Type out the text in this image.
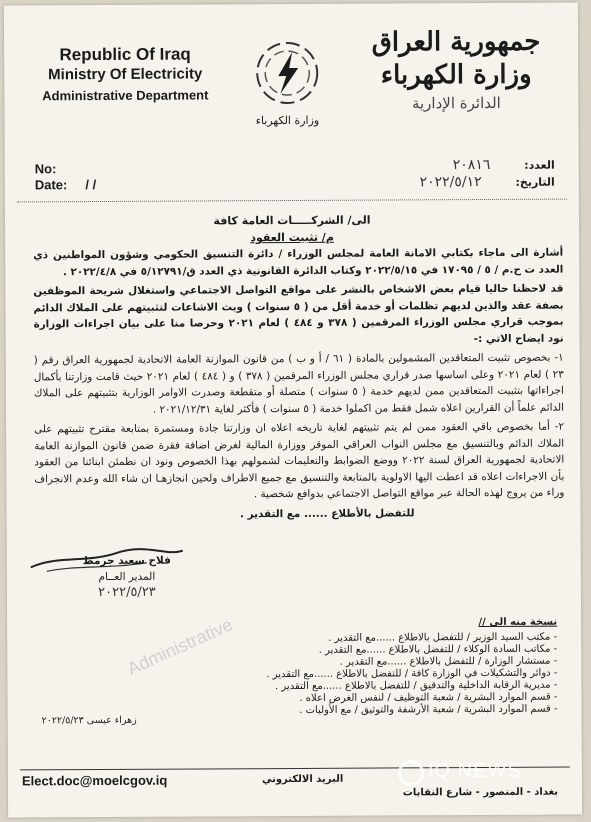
Republic Of Iraq
Ministry Of Electricity
Administrative Department
وزارة الكهرباء
جمهورية العراق
وزارة الكهرباء
الدائرة الإدارية
No:
Date: / /
العدد: ٢٠٨١٦
التاريخ: ٢٠٢٢/٥/١٢
الى/ الشركـــــات العامة كافة
م/ تثبيت العقود
Administrative

أشارة الى ماجاء بكتابي الامانة العامة لمجلس الوزراء / دائرة التنسيق الحكومي وشؤون المواطنين ذي العدد ت ح.م / ٥ / ١٧٠٩٥ في ٢٠٢٢/٥/١٥ وكتاب الدائرة القانونية ذي العدد ق/٥/١٢٧٩١ في ٢٠٢٢/٤/٨ .

قد لاحظنا حاليا قيام بعض الاشخاص بالنشر على مواقع التواصل الاجتماعي واستغلال شريحة الموظفين بصفة عقد والذين لديهم تظلمات أو خدمة أقل من ( ٥ سنوات ) وبث الاشاعات لتثبيتهم على الملاك الدائم بموجب قراري مجلس الوزراء المرقمين ( ٣٧٨ و ٤٨٤ ) لعام ٢٠٢١ وحرصا منا على بيان اجراءات الوزارة نود ايضاح الاتي :-

١- بخصوص تثبيت المتعاقدين المشمولين بالمادة ( ٦١ / أ و ب ) من قانون الموازنة العامة الاتحادية لجمهورية العراق رقم ( ٢٣ ) لعام ٢٠٢١ وعلى اساسها صدر قراري مجلس الوزراء المرقمين ( ٣٧٨ ) و ( ٤٨٤ ) لعام ٢٠٢١ حيث قامت وزارتنا بأكمال اجراءاتها بتثبيت المتعاقدين ممن لديهم خدمة ( ٥ سنوات ) متصلة أو متقطعة وصدرت الاوامر الوزارية بتثبيتهم على الملاك الدائم علماً أن القرارين اعلاه شمل فقط من اكملوا خدمة ( ٥ سنوات ) فأكثر لغاية ٢٠٢١/١٢/٣١ .

٢- أما بخصوص باقي العقود ممن لم يتم تثبيتهم لغاية تاريخه اعلاه ان وزارتنا جادة ومستمرة بمتابعة مقترح تثبيتهم على الملاك الدائم وبالتنسيق مع مجلس النواب العراقي الموقر ووزارة المالية لغرض اضافة فقرة ضمن قانون الموازنة العامة الاتحادية لجمهورية العراق لسنة ٢٠٢٢ ووضع الضوابط والتعليمات لشمولهم بهذا الخصوص ونود ان نطمئن ابنائنا من العقود بأن الاجراءات اعلاه قد اعطت اليها الاولوية بالمتابعة والتنسيق مع جميع الاطراف ولحين انجازهـا ان شاء الله وعدم الانجراف وراء من يروج لهذه الحالة عبر مواقع التواصل الاجتماعي بدوافع شخصية .

للتفضل بالأطلاع ...... مع التقدير .

فلاح سعيد جرمط
المدير العــام
٢٠٢٢/٥/٢٣
نسخة منه الى //
- مكتب السيد الوزير / للتفضل بالاطلاع ......مع التقدير .
- مكاتب السادة الوكلاء / للتفضل بالاطلاع ......مع التقدير .
- مستشار الوزارة / للتفضل بالاطلاع ......مع التقدير .
- دوائر والتشكيلات في الوزارة كافة / للتفضل بالاطلاع ......مع التقدير .
- مديرية الرقابة الداخلية والتدقيق / للتفضل بالاطلاع ......مع التقدير .
- قسم الموارد البشرية / شعبة التوظيف / لنفس الغرض اعلاه .
- قسم الموارد البشرية / شعبة الأرشفة والتوثيق / مع الأوليات .
زهراء عيسى ٢٠٢٢/٥/٢٣
Elect.doc@moelcgov.iq	البريد الالكتروني
بغداد - المنصور - شارع النقابات
IQ NEWS
